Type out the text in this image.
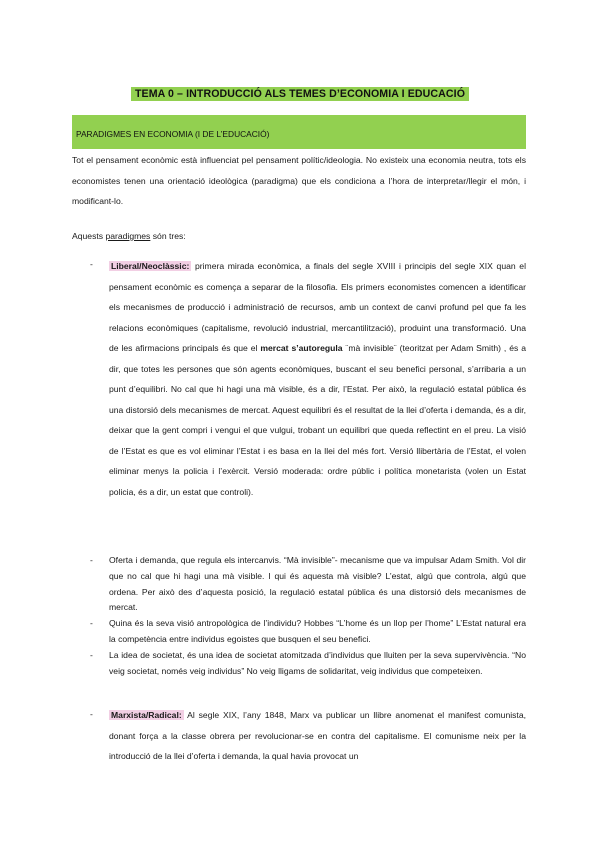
TEMA 0 – INTRODUCCIÓ ALS TEMES D’ECONOMIA I EDUCACIÓ
PARADIGMES EN ECONOMIA (I DE L’EDUCACIÓ)
Tot el pensament econòmic està influenciat pel pensament polític/ideologia. No existeix una economia neutra, tots els economistes tenen una orientació ideològica (paradigma) que els condiciona a l’hora de interpretar/llegir el món, i modificant-lo.
Aquests paradigmes són tres:
- Liberal/Neoclàssic: primera mirada econòmica, a finals del segle XVIII i principis del segle XIX quan el pensament econòmic es comença a separar de la filosofia. Els primers economistes comencen a identificar els mecanismes de producció i administració de recursos, amb un context de canvi profund pel que fa les relacions econòmiques (capitalisme, revolució industrial, mercantilització), produint una transformació. Una de les afirmacions principals és que el mercat s’autoregula ¨mà invisible¨ (teoritzat per Adam Smith) , és a dir, que totes les persones que són agents econòmiques, buscant el seu benefici personal, s’arribaria a un punt d’equilibri. No cal que hi hagi una mà visible, és a dir, l’Estat. Per això, la regulació estatal pública és una distorsió dels mecanismes de mercat. Aquest equilibri és el resultat de la llei d’oferta i demanda, és a dir, deixar que la gent compri i vengui el que vulgui, trobant un equilibri que queda reflectint en el preu. La visió de l’Estat es que es vol eliminar l’Estat i es basa en la llei del més fort. Versió llibertària de l’Estat, el volen eliminar menys la policia i l’exèrcit. Versió moderada: ordre públic i política monetarista (volen un Estat policia, és a dir, un estat que controli).
- Oferta i demanda, que regula els intercanvis. “Mà invisible”- mecanisme que va impulsar Adam Smith. Vol dir que no cal que hi hagi una mà visible. I qui és aquesta mà visible? L’estat, algú que controla, algú que ordena. Per això des d’aquesta posició, la regulació estatal pública és una distorsió dels mecanismes de mercat.
- Quina és la seva visió antropològica de l’individu? Hobbes “L’home és un llop per l’home” L’Estat natural era la competència entre individus egoistes que busquen el seu benefici.
- La idea de societat, és una idea de societat atomitzada d’individus que lluiten per la seva supervivència. “No veig societat, només veig individus” No veig lligams de solidaritat, veig individus que competeixen.
- Marxista/Radical: Al segle XIX, l’any 1848, Marx va publicar un llibre anomenat el manifest comunista, donant força a la classe obrera per revolucionar-se en contra del capitalisme. El comunisme neix per la introducció de la llei d’oferta i demanda, la qual havia provocat un
